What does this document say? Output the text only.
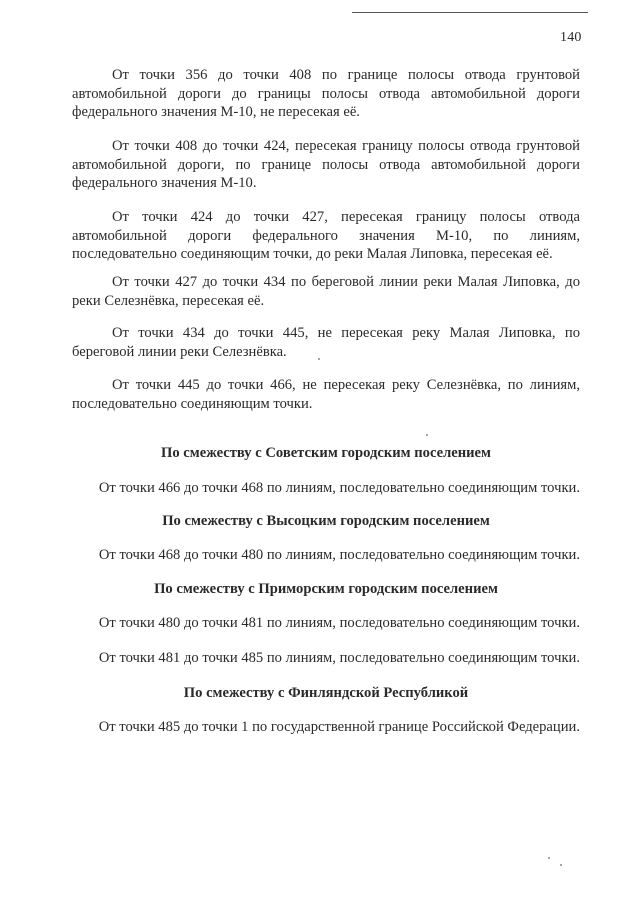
140

От точки 356 до точки 408 по границе полосы отвода грунтовой автомобильной дороги до границы полосы отвода автомобильной дороги федерального значения М-10, не пересекая её.

От точки 408 до точки 424, пересекая границу полосы отвода грунтовой автомобильной дороги, по границе полосы отвода автомобильной дороги федерального значения М-10.

От точки 424 до точки 427, пересекая границу полосы отвода автомобильной дороги федерального значения М-10, по линиям, последовательно соединяющим точки, до реки Малая Липовка, пересекая её.

От точки 427 до точки 434 по береговой линии реки Малая Липовка, до реки Селезнёвка, пересекая её.

От точки 434 до точки 445, не пересекая реку Малая Липовка, по береговой линии реки Селезнёвка.

От точки 445 до точки 466, не пересекая реку Селезнёвка, по линиям, последовательно соединяющим точки.

По смежеству с Советским городским поселением

От точки 466 до точки 468 по линиям, последовательно соединяющим точки.

По смежеству с Высоцким городским поселением

От точки 468 до точки 480 по линиям, последовательно соединяющим точки.

По смежеству с Приморским городским поселением

От точки 480 до точки 481 по линиям, последовательно соединяющим точки.

От точки 481 до точки 485 по линиям, последовательно соединяющим точки.

По смежеству с Финляндской Республикой

От точки 485 до точки 1 по государственной границе Российской Федерации.
